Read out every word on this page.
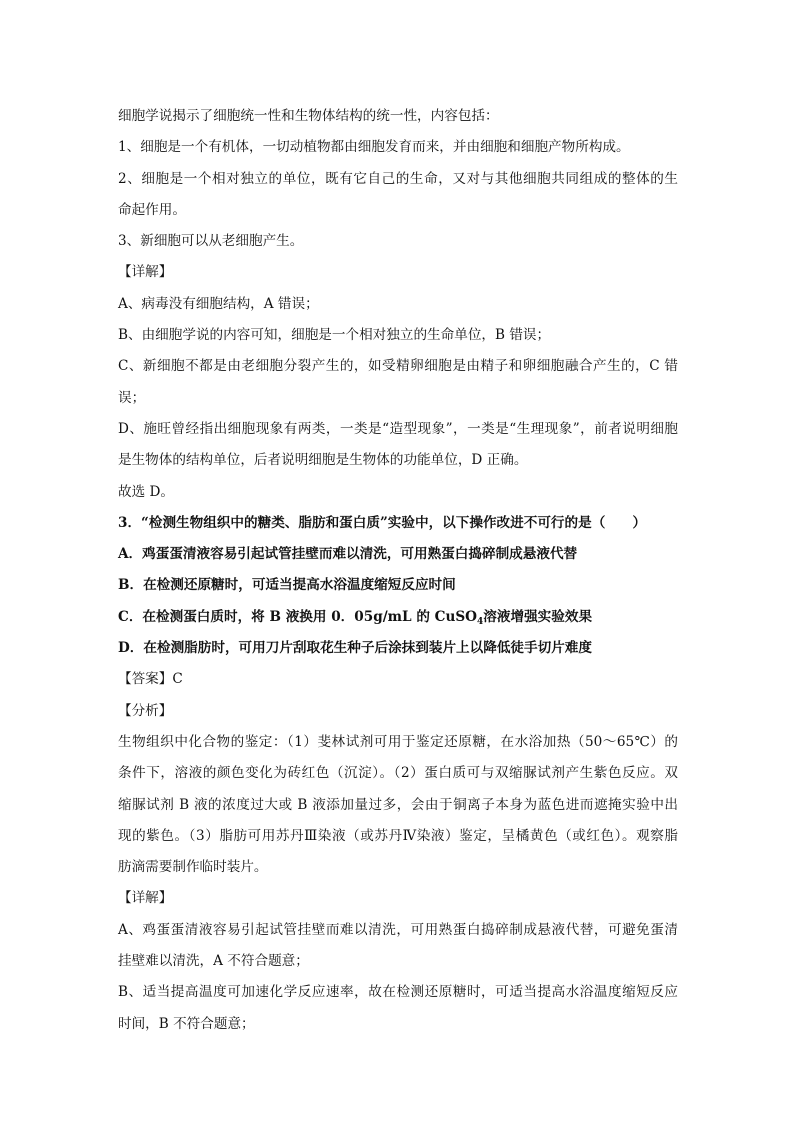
细胞学说揭示了细胞统一性和生物体结构的统一性，内容包括：
1、细胞是一个有机体，一切动植物都由细胞发育而来，并由细胞和细胞产物所构成。
2、细胞是一个相对独立的单位，既有它自己的生命，又对与其他细胞共同组成的整体的生
命起作用。
3、新细胞可以从老细胞产生。
【详解】
A、病毒没有细胞结构，A 错误；
B、由细胞学说的内容可知，细胞是一个相对独立的生命单位，B 错误；
C、新细胞不都是由老细胞分裂产生的，如受精卵细胞是由精子和卵细胞融合产生的，C 错
误；
D、施旺曾经指出细胞现象有两类，一类是“造型现象”，一类是“生理现象”，前者说明细胞
是生物体的结构单位，后者说明细胞是生物体的功能单位，D 正确。
故选 D。
3．“检测生物组织中的糖类、脂肪和蛋白质”实验中，以下操作改进不可行的是（　　）
A．鸡蛋蛋清液容易引起试管挂壁而难以清洗，可用熟蛋白捣碎制成悬液代替
B．在检测还原糖时，可适当提高水浴温度缩短反应时间
C．在检测蛋白质时，将 B 液换用 0．05g/mL 的 CuSO$_4$溶液增强实验效果
D．在检测脂肪时，可用刀片刮取花生种子后涂抹到装片上以降低徒手切片难度
【答案】C
【分析】
生物组织中化合物的鉴定：（1）斐林试剂可用于鉴定还原糖，在水浴加热（50～65℃）的
条件下，溶液的颜色变化为砖红色（沉淀）。（2）蛋白质可与双缩脲试剂产生紫色反应。双
缩脲试剂 B 液的浓度过大或 B 液添加量过多，会由于铜离子本身为蓝色进而遮掩实验中出
现的紫色。（3）脂肪可用苏丹Ⅲ染液（或苏丹Ⅳ染液）鉴定，呈橘黄色（或红色）。观察脂
肪滴需要制作临时装片。
【详解】
A、鸡蛋蛋清液容易引起试管挂壁而难以清洗，可用熟蛋白捣碎制成悬液代替，可避免蛋清
挂壁难以清洗，A 不符合题意；
B、适当提高温度可加速化学反应速率，故在检测还原糖时，可适当提高水浴温度缩短反应
时间，B 不符合题意；
